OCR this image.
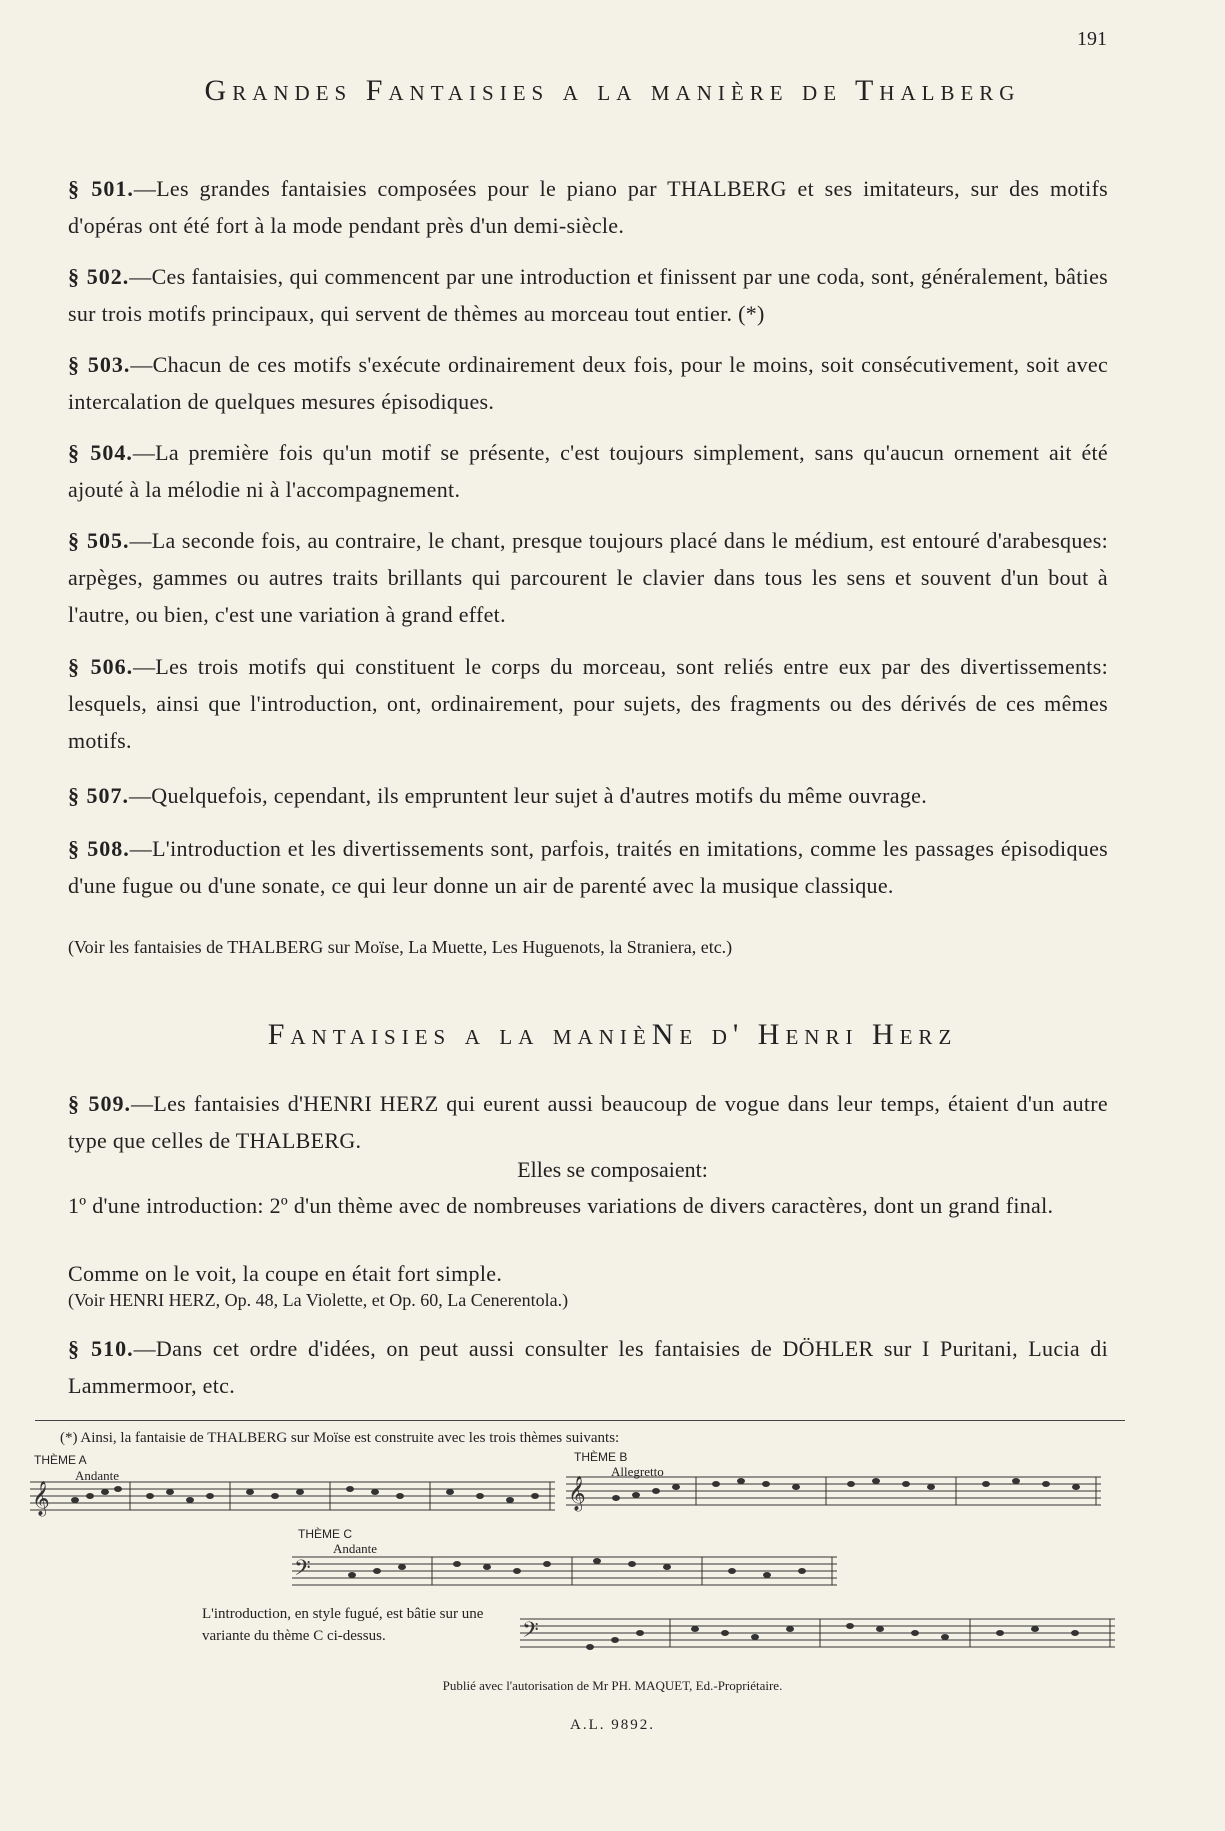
191
Grandes Fantaisies a la manière de Thalberg
§ 501.—Les grandes fantaisies composées pour le piano par THALBERG et ses imitateurs, sur des motifs d'opéras ont été fort à la mode pendant près d'un demi-siècle.
§ 502.—Ces fantaisies, qui commencent par une introduction et finissent par une coda, sont, généralement, bâties sur trois motifs principaux, qui servent de thèmes au morceau tout entier. (*)
§ 503.—Chacun de ces motifs s'exécute ordinairement deux fois, pour le moins, soit consécutivement, soit avec intercalation de quelques mesures épisodiques.
§ 504.—La première fois qu'un motif se présente, c'est toujours simplement, sans qu'aucun ornement ait été ajouté à la mélodie ni à l'accompagnement.
§ 505.—La seconde fois, au contraire, le chant, presque toujours placé dans le médium, est entouré d'arabesques: arpèges, gammes ou autres traits brillants qui parcourent le clavier dans tous les sens et souvent d'un bout à l'autre, ou bien, c'est une variation à grand effet.
§ 506.—Les trois motifs qui constituent le corps du morceau, sont reliés entre eux par des divertissements: lesquels, ainsi que l'introduction, ont, ordinairement, pour sujets, des fragments ou des dérivés de ces mêmes motifs.
§ 507.—Quelquefois, cependant, ils empruntent leur sujet à d'autres motifs du même ouvrage.
§ 508.—L'introduction et les divertissements sont, parfois, traités en imitations, comme les passages épisodiques d'une fugue ou d'une sonate, ce qui leur donne un air de parenté avec la musique classique.
(Voir les fantaisies de THALBERG sur Moïse, La Muette, Les Huguenots, la Straniera, etc.)
Fantaisies a la manièNe d' Henri Herz
§ 509.—Les fantaisies d'HENRI HERZ qui eurent aussi beaucoup de vogue dans leur temps, étaient d'un autre type que celles de THALBERG.
Elles se composaient:
1º d'une introduction: 2º d'un thème avec de nombreuses variations de divers caractères, dont un grand final.
Comme on le voit, la coupe en était fort simple.
(Voir HENRI HERZ, Op. 48, La Violette, et Op. 60, La Cenerentola.)
§ 510.—Dans cet ordre d'idées, on peut aussi consulter les fantaisies de DÖHLER sur I Puritani, Lucia di Lammermoor, etc.
(*) Ainsi, la fantaisie de THALBERG sur Moïse est construite avec les trois thèmes suivants:
THÈME A
Andante
𝄞
THÈME B
Allegretto
𝄞
THÈME C
Andante
𝄢
L'introduction, en style fugué, est bâtie sur une variante du thème C ci-dessus.	𝄢
Publié avec l'autorisation de Mr PH. MAQUET, Ed.-Propriétaire.
A.L. 9892.
